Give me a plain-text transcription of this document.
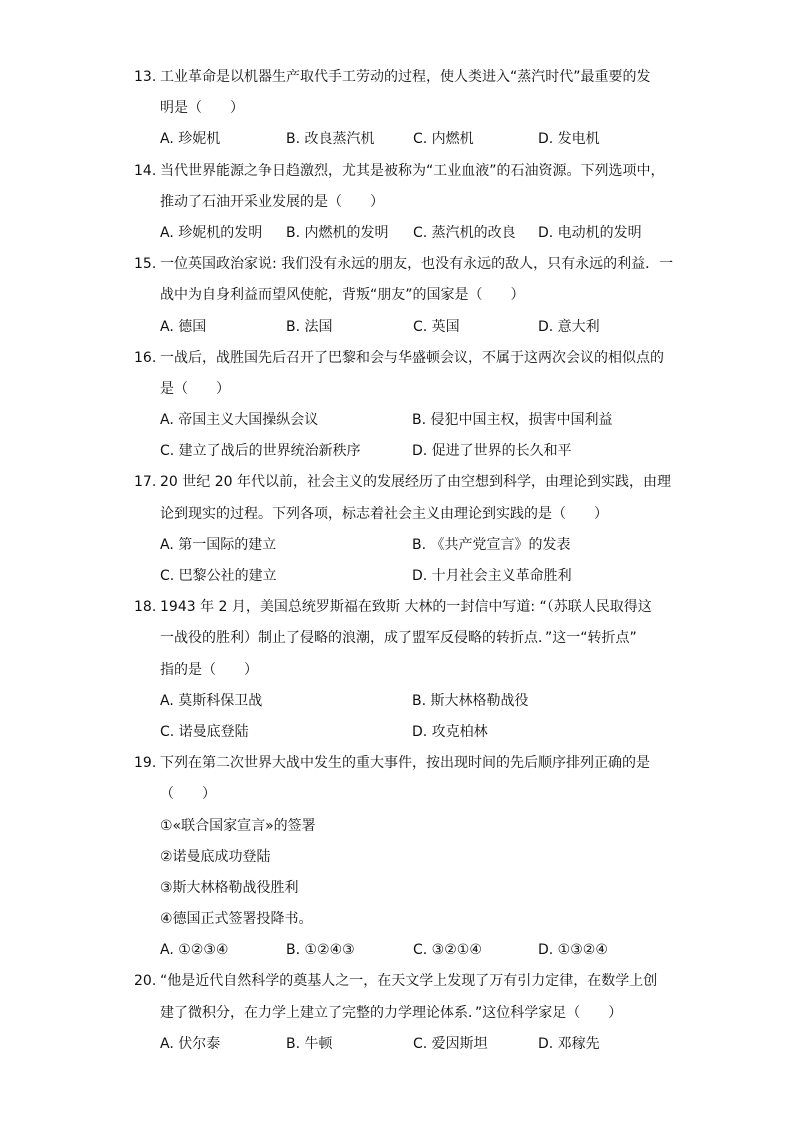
13. 工业革命是以机器生产取代手工劳动的过程，使人类进入“蒸汽时代”最重要的发
明是（　　）
A. 珍妮机	B. 改良蒸汽机	C. 内燃机	D. 发电机
14. 当代世界能源之争日趋激烈，尤其是被称为“工业血液”的石油资源。下列选项中，
推动了石油开采业发展的是（　　）
A. 珍妮机的发明 B. 内燃机的发明 C. 蒸汽机的改良 D. 电动机的发明
15. 一位英国政治家说: 我们没有永远的朋友，也没有永远的敌人，只有永远的利益．一
战中为自身利益而望风使舵，背叛“朋友”的国家是（　　）
A. 德国	B. 法国	C. 英国	D. 意大利
16. 一战后，战胜国先后召开了巴黎和会与华盛顿会议，不属于这两次会议的相似点的
是（　　）
A. 帝国主义大国操纵会议	B. 侵犯中国主权，损害中国利益
C. 建立了战后的世界统治新秩序	D. 促进了世界的长久和平
17. 20 世纪 20 年代以前，社会主义的发展经历了由空想到科学，由理论到实践，由理
论到现实的过程。下列各项，标志着社会主义由理论到实践的是（　　）
A. 第一国际的建立	B. 《共产党宣言》的发表
C. 巴黎公社的建立	D. 十月社会主义革命胜利
18. 1943 年 2 月，美国总统罗斯福在致斯 大林的一封信中写道: “（苏联人民取得这
一战役的胜利）制止了侵略的浪潮，成了盟军反侵略的转折点．”这一“转折点”
指的是（　　）
A. 莫斯科保卫战	B. 斯大林格勒战役
C. 诺曼底登陆	D. 攻克柏林
19. 下列在第二次世界大战中发生的重大事件，按出现时间的先后顺序排列正确的是
（　　）
①«联合国家宣言»的签署
②诺曼底成功登陆
③斯大林格勒战役胜利
④德国正式签署投降书。
A. ①②③④	B. ①②④③	C. ③②①④	D. ①③②④
20. “他是近代自然科学的奠基人之一，在天文学上发现了万有引力定律，在数学上创
建了微积分，在力学上建立了完整的力学理论体系．”这位科学家足（　　）
A. 伏尔泰	B. 牛顿	C. 爱因斯坦	D. 邓稼先
